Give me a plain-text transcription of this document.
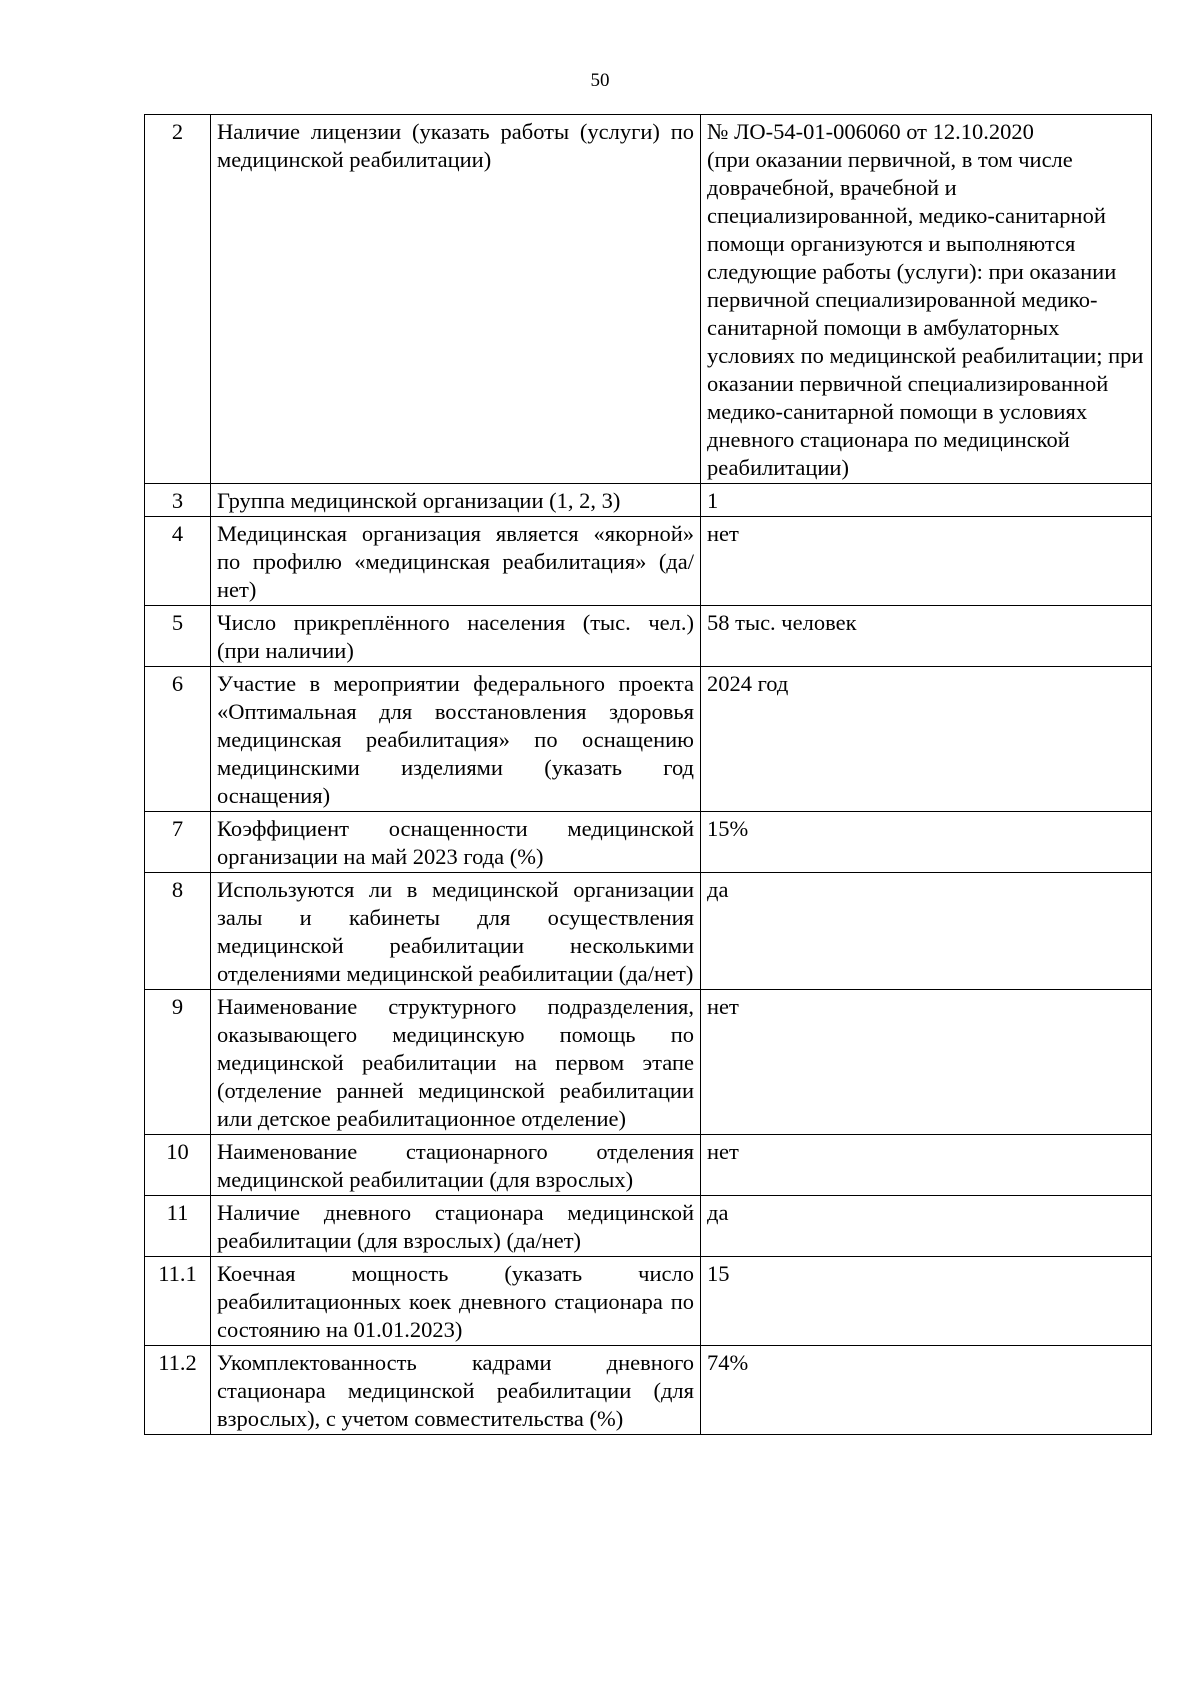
50
2	Наличие лицензии (указать работы (услуги) по медицинской реабилитации)	№ ЛО-54-01-006060 от 12.10.2020
(при оказании первичной, в том числе доврачебной, врачебной и специализированной, медико-санитарной помощи организуются и выполняются следующие работы (услуги): при оказании первичной специализированной медико-санитарной помощи в амбулаторных условиях по медицинской реабилитации; при оказании первичной специализированной медико-санитарной помощи в условиях дневного стационара по медицинской реабилитации)
3	Группа медицинской организации (1, 2, 3)	1
4	Медицинская организация является «якорной» по профилю «медицинская реабилитация» (да/нет)	нет
5	Число прикреплённого населения (тыс. чел.) (при наличии)	58 тыс. человек
6	Участие в мероприятии федерального проекта «Оптимальная для восстановления здоровья медицинская реабилитация» по оснащению медицинскими изделиями (указать год оснащения)	2024 год
7	Коэффициент оснащенности медицинской организации на май 2023 года (%)	15%
8	Используются ли в медицинской организации залы и кабинеты для осуществления медицинской реабилитации несколькими отделениями медицинской реабилитации (да/нет)	да
9	Наименование структурного подразделения, оказывающего медицинскую помощь по медицинской реабилитации на первом этапе (отделение ранней медицинской реабилитации или детское реабилитационное отделение)	нет
10	Наименование стационарного отделения медицинской реабилитации (для взрослых)	нет
11	Наличие дневного стационара медицинской реабилитации (для взрослых) (да/нет)	да
11.1	Коечная мощность (указать число реабилитационных коек дневного стационара по состоянию на 01.01.2023)	15
11.2	Укомплектованность кадрами дневного стационара медицинской реабилитации (для взрослых), с учетом совместительства (%)	74%
